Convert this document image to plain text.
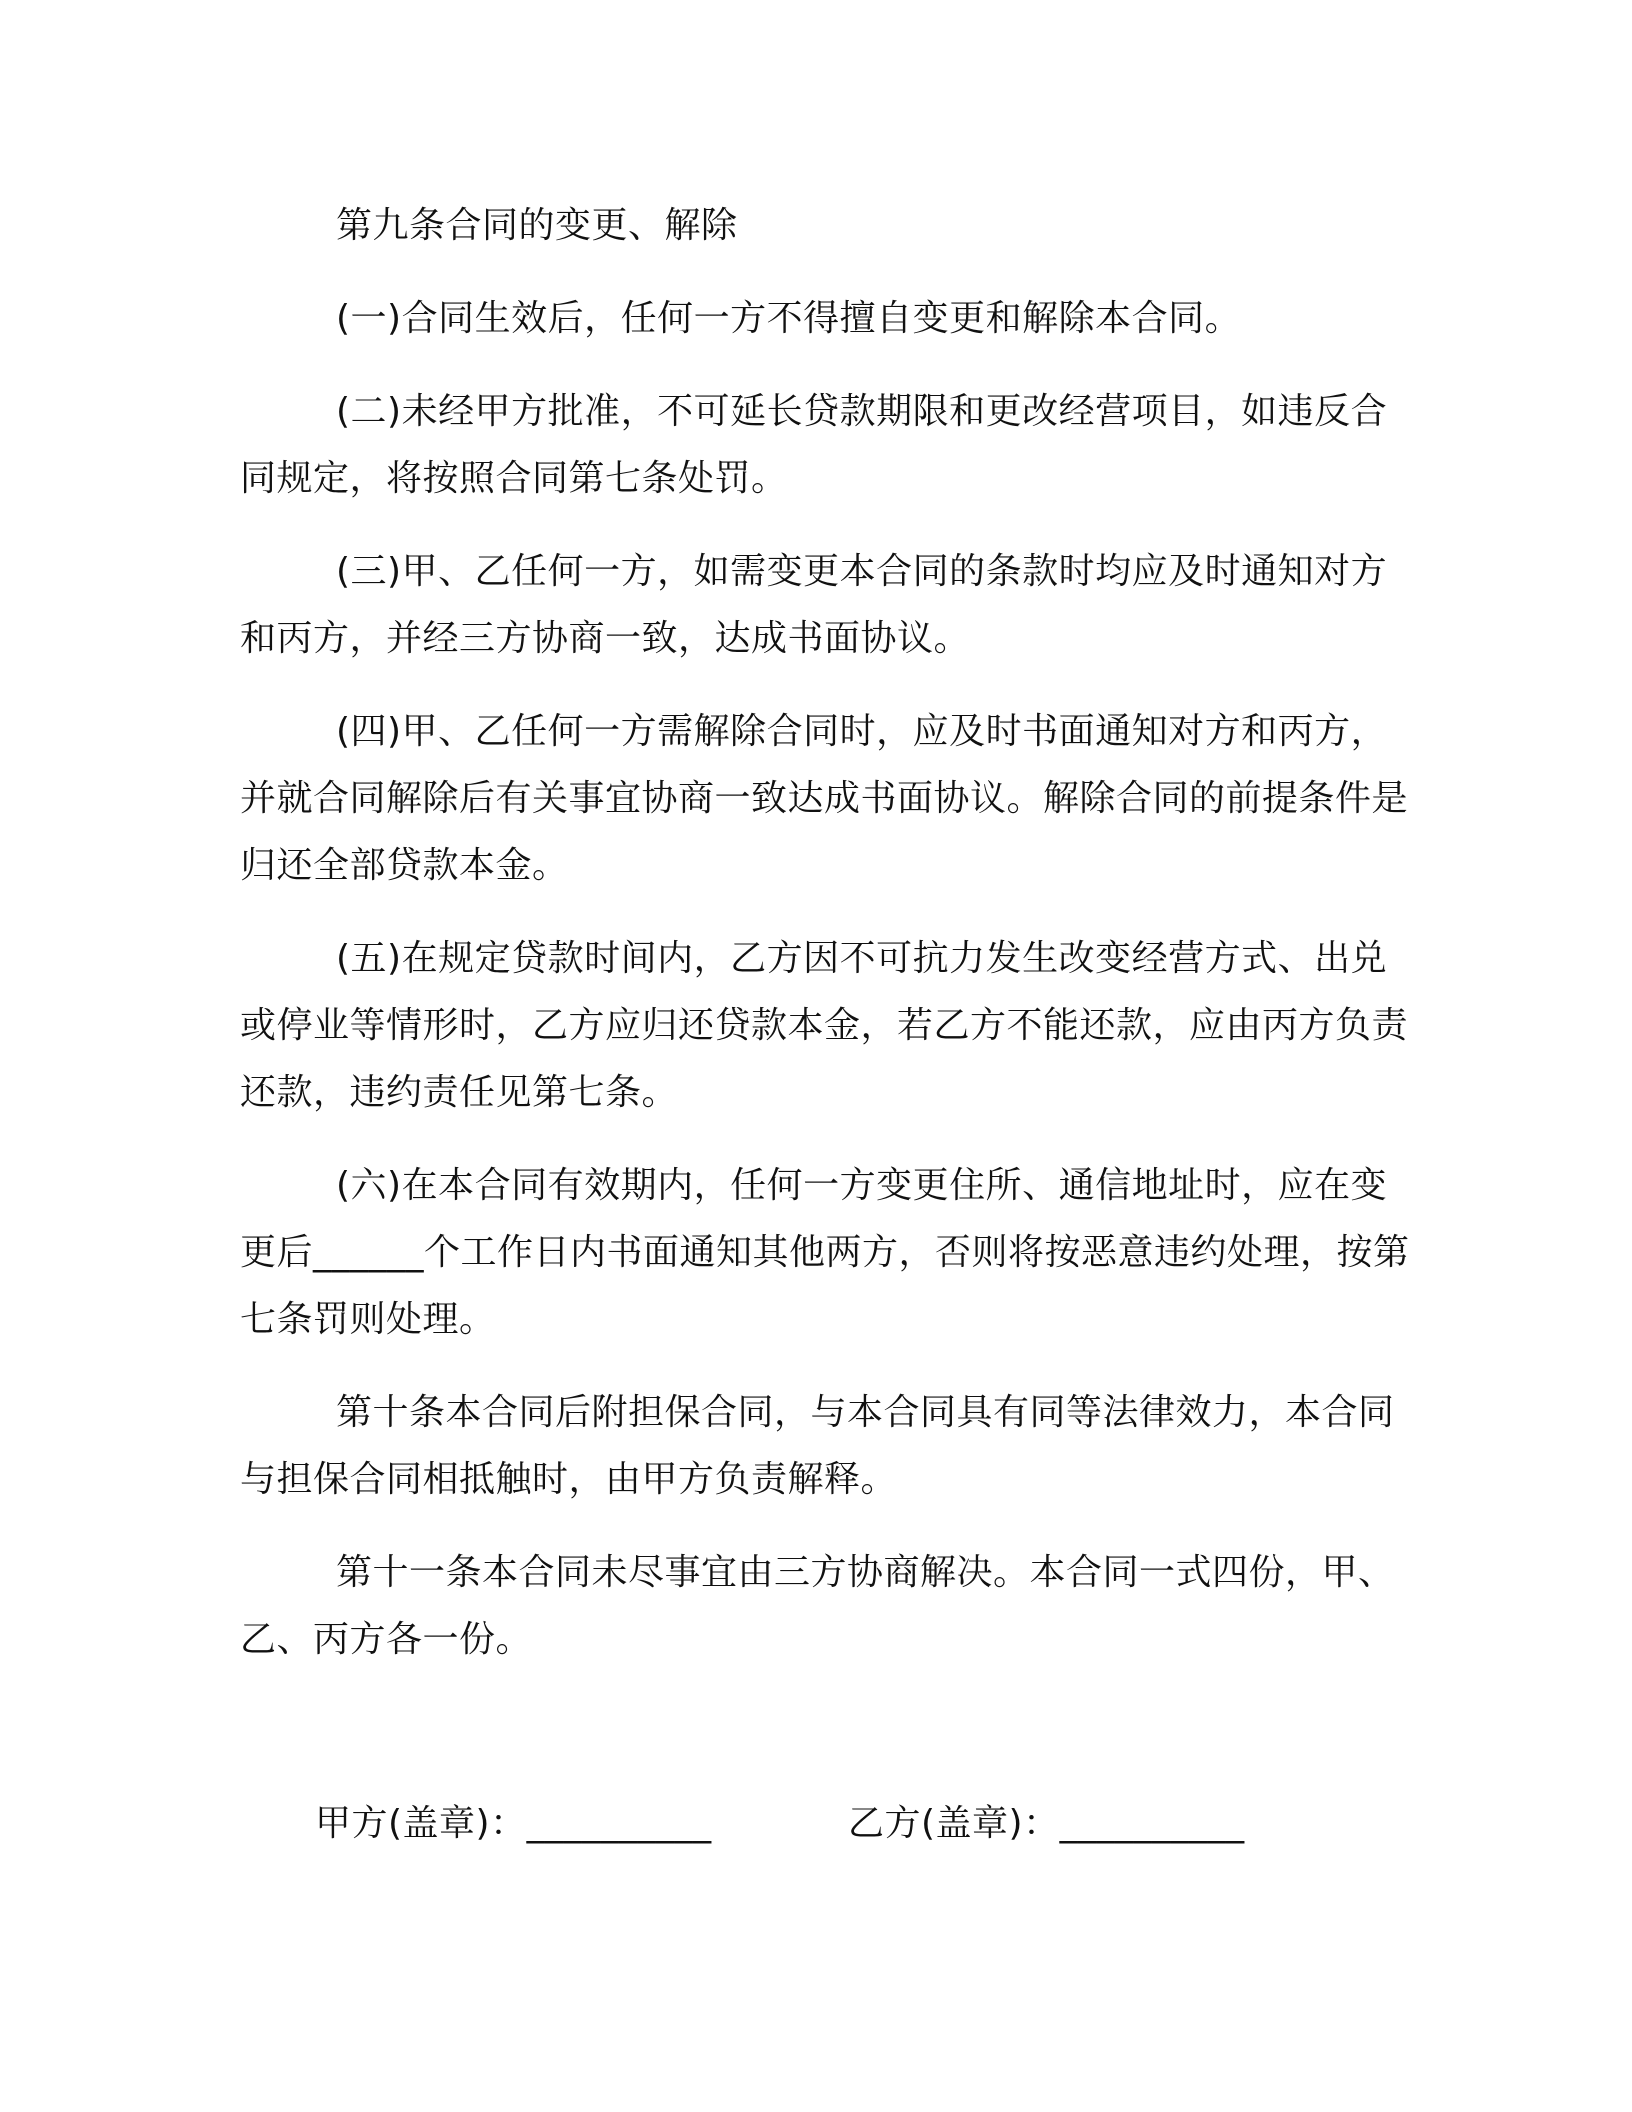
第九条合同的变更、解除

(一)合同生效后，任何一方不得擅自变更和解除本合同。

(二)未经甲方批准，不可延长贷款期限和更改经营项目，如违反合同规定，将按照合同第七条处罚。

(三)甲、乙任何一方，如需变更本合同的条款时均应及时通知对方和丙方，并经三方协商一致，达成书面协议。

(四)甲、乙任何一方需解除合同时，应及时书面通知对方和丙方，并就合同解除后有关事宜协商一致达成书面协议。解除合同的前提条件是归还全部贷款本金。

(五)在规定贷款时间内，乙方因不可抗力发生改变经营方式、出兑或停业等情形时，乙方应归还贷款本金，若乙方不能还款，应由丙方负责还款，违约责任见第七条。

(六)在本合同有效期内，任何一方变更住所、通信地址时，应在变更后______个工作日内书面通知其他两方，否则将按恶意违约处理，按第七条罚则处理。

第十条本合同后附担保合同，与本合同具有同等法律效力，本合同与担保合同相抵触时，由甲方负责解释。

第十一条本合同未尽事宜由三方协商解决。本合同一式四份，甲、乙、丙方各一份。

甲方(盖章)：__________	乙方(盖章)：__________
